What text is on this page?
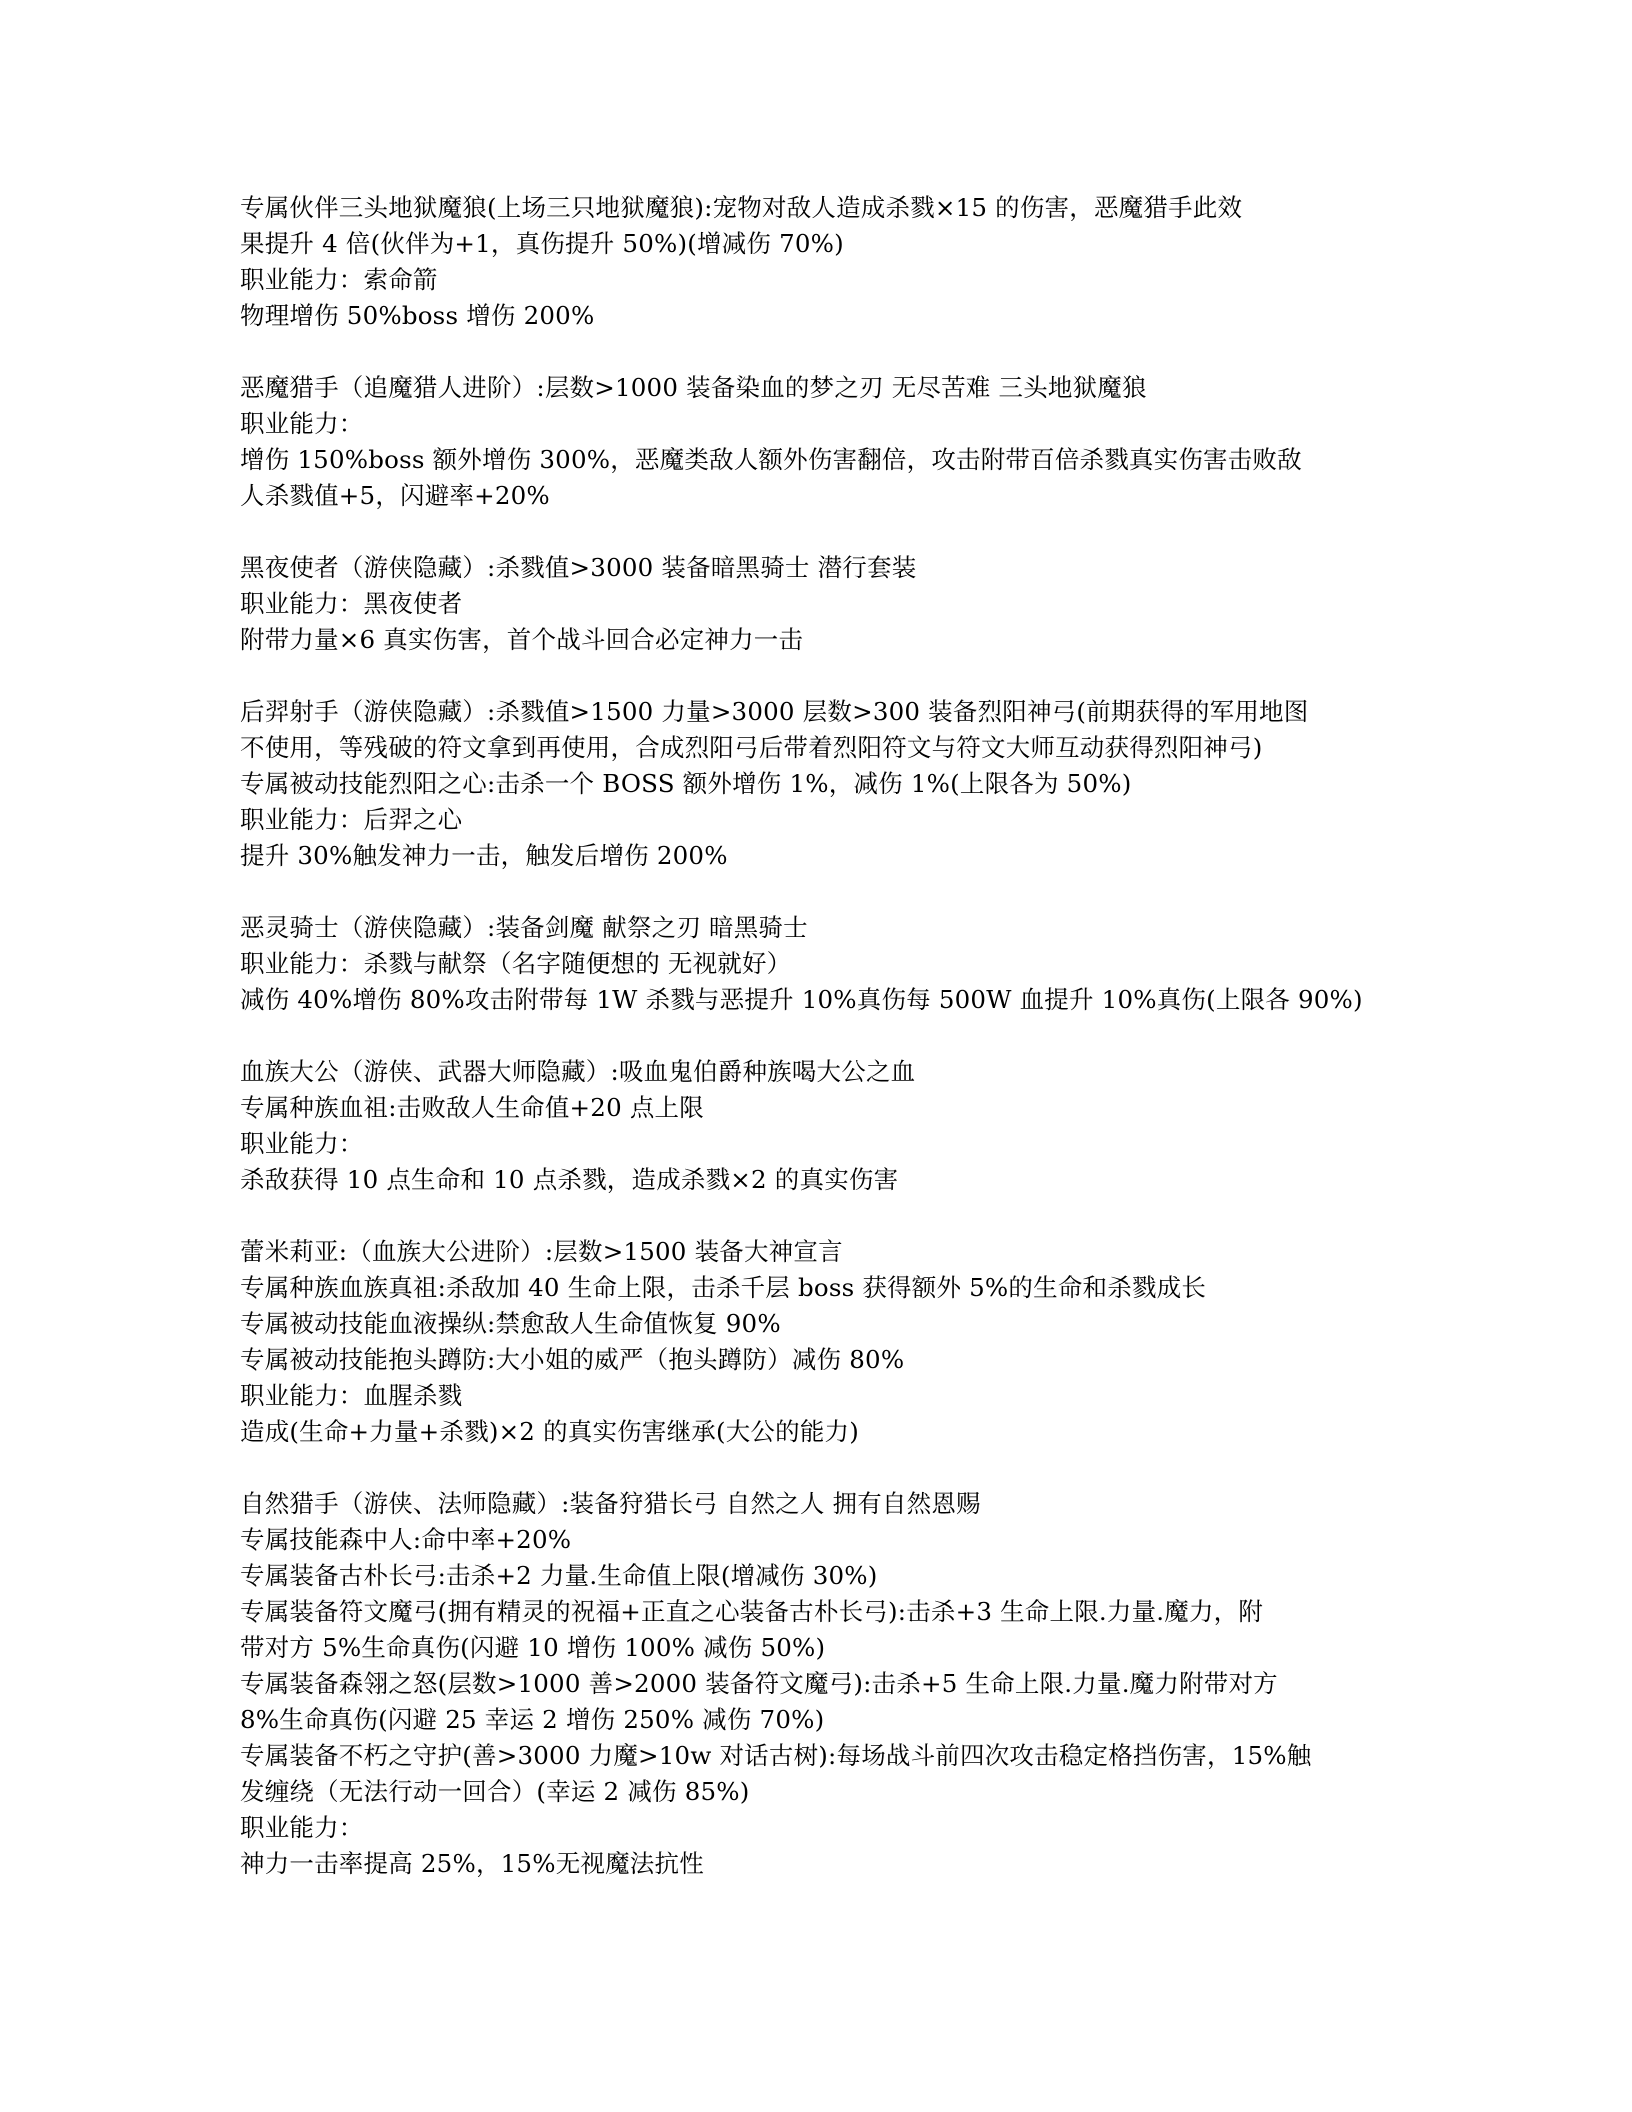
专属伙伴三头地狱魔狼(上场三只地狱魔狼):宠物对敌人造成杀戮×15 的伤害，恶魔猎手此效
果提升 4 倍(伙伴为+1，真伤提升 50%)(增减伤 70%)
职业能力：索命箭
物理增伤 50%boss 增伤 200%
恶魔猎手（追魔猎人进阶）:层数>1000 装备染血的梦之刃 无尽苦难 三头地狱魔狼
职业能力：
增伤 150%boss 额外增伤 300%，恶魔类敌人额外伤害翻倍，攻击附带百倍杀戮真实伤害击败敌
人杀戮值+5，闪避率+20%
黑夜使者（游侠隐藏）:杀戮值>3000 装备暗黑骑士 潜行套装
职业能力：黑夜使者
附带力量×6 真实伤害，首个战斗回合必定神力一击
后羿射手（游侠隐藏）:杀戮值>1500 力量>3000 层数>300 装备烈阳神弓(前期获得的军用地图
不使用，等残破的符文拿到再使用，合成烈阳弓后带着烈阳符文与符文大师互动获得烈阳神弓)
专属被动技能烈阳之心:击杀一个 BOSS 额外增伤 1%，减伤 1%(上限各为 50%)
职业能力：后羿之心
提升 30%触发神力一击，触发后增伤 200%
恶灵骑士（游侠隐藏）:装备剑魔 献祭之刃 暗黑骑士
职业能力：杀戮与献祭（名字随便想的 无视就好）
减伤 40%增伤 80%攻击附带每 1W 杀戮与恶提升 10%真伤每 500W 血提升 10%真伤(上限各 90%)
血族大公（游侠、武器大师隐藏）:吸血鬼伯爵种族喝大公之血
专属种族血祖:击败敌人生命值+20 点上限
职业能力：
杀敌获得 10 点生命和 10 点杀戮，造成杀戮×2 的真实伤害
蕾米莉亚:（血族大公进阶）:层数>1500 装备大神宣言
专属种族血族真祖:杀敌加 40 生命上限，击杀千层 boss 获得额外 5%的生命和杀戮成长
专属被动技能血液操纵:禁愈敌人生命值恢复 90%
专属被动技能抱头蹲防:大小姐的威严（抱头蹲防）减伤 80%
职业能力：血腥杀戮
造成(生命+力量+杀戮)×2 的真实伤害继承(大公的能力)
自然猎手（游侠、法师隐藏）:装备狩猎长弓 自然之人 拥有自然恩赐
专属技能森中人:命中率+20%
专属装备古朴长弓:击杀+2 力量.生命值上限(增减伤 30%)
专属装备符文魔弓(拥有精灵的祝福+正直之心装备古朴长弓):击杀+3 生命上限.力量.魔力，附
带对方 5%生命真伤(闪避 10 增伤 100% 减伤 50%)
专属装备森翎之怒(层数>1000 善>2000 装备符文魔弓):击杀+5 生命上限.力量.魔力附带对方
8%生命真伤(闪避 25 幸运 2 增伤 250% 减伤 70%)
专属装备不朽之守护(善>3000 力魔>10w 对话古树):每场战斗前四次攻击稳定格挡伤害，15%触
发缠绕（无法行动一回合）(幸运 2 减伤 85%)
职业能力：
神力一击率提高 25%，15%无视魔法抗性
